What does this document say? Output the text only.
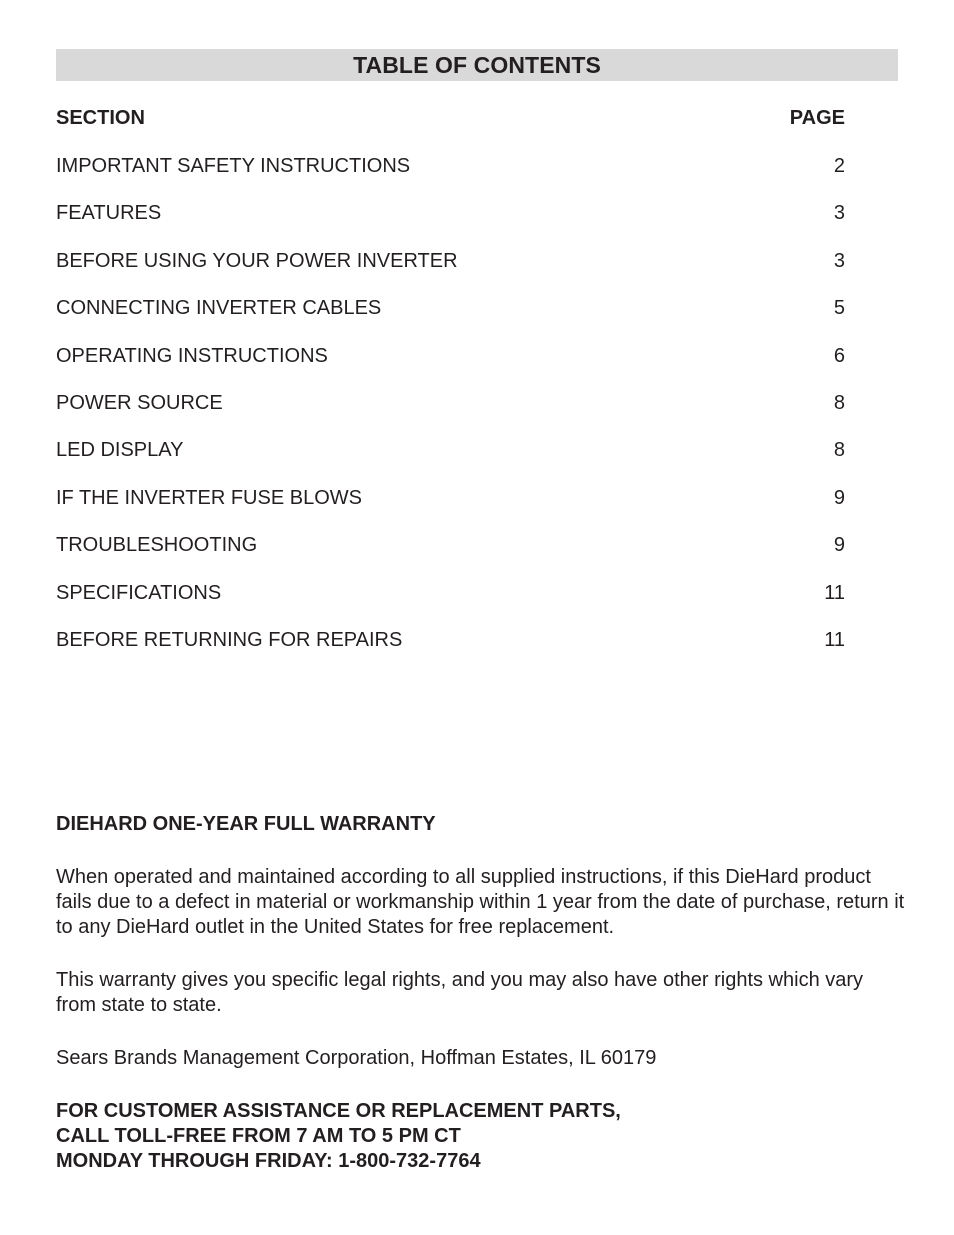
TABLE OF CONTENTS
SECTION	PAGE
IMPORTANT SAFETY INSTRUCTIONS	2
FEATURES	3
BEFORE USING YOUR POWER INVERTER	3
CONNECTING INVERTER CABLES	5
OPERATING INSTRUCTIONS	6
POWER SOURCE	8
LED DISPLAY	8
IF THE INVERTER FUSE BLOWS	9
TROUBLESHOOTING	9
SPECIFICATIONS	11
BEFORE RETURNING FOR REPAIRS	11

DIEHARD ONE-YEAR FULL WARRANTY

When operated and maintained according to all supplied instructions, if this DieHard product fails due to a defect in material or workmanship within 1 year from the date of purchase, return it to any DieHard outlet in the United States for free replacement.

This warranty gives you specific legal rights, and you may also have other rights which vary from state to state.

Sears Brands Management Corporation, Hoffman Estates, IL 60179

FOR CUSTOMER ASSISTANCE OR REPLACEMENT PARTS,
CALL TOLL-FREE FROM 7 AM TO 5 PM CT
MONDAY THROUGH FRIDAY: 1-800-732-7764
